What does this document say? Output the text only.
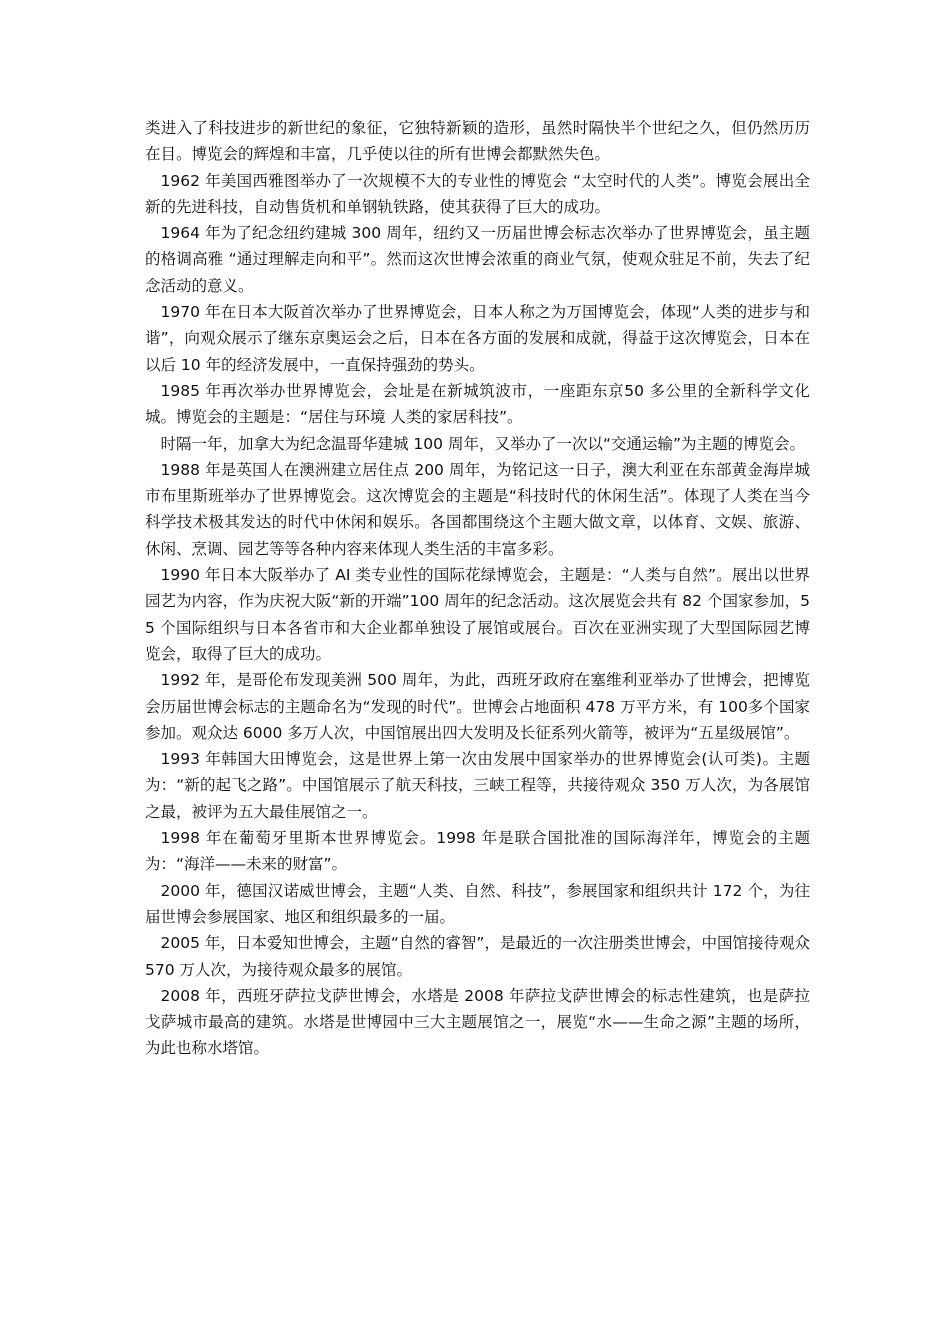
类进入了科技进步的新世纪的象征，它独特新颖的造形，虽然时隔快半个世纪之久，但仍然历历在目。博览会的辉煌和丰富，几乎使以往的所有世博会都默然失色。

1962 年美国西雅图举办了一次规模不大的专业性的博览会 “太空时代的人类”。博览会展出全新的先进科技，自动售货机和单钢轨铁路，使其获得了巨大的成功。

1964 年为了纪念纽约建城 300 周年，纽约又一历届世博会标志次举办了世界博览会，虽主题的格调高雅 “通过理解走向和平”。然而这次世博会浓重的商业气氛，使观众驻足不前，失去了纪念活动的意义。

1970 年在日本大阪首次举办了世界博览会，日本人称之为万国博览会，体现“人类的进步与和谐”，向观众展示了继东京奥运会之后，日本在各方面的发展和成就，得益于这次博览会，日本在以后 10 年的经济发展中，一直保持强劲的势头。

1985 年再次举办世界博览会，会址是在新城筑波市，一座距东京50 多公里的全新科学文化城。博览会的主题是：“居住与环境 人类的家居科技”。

时隔一年，加拿大为纪念温哥华建城 100 周年，又举办了一次以“交通运输”为主题的博览会。

1988 年是英国人在澳洲建立居住点 200 周年，为铭记这一日子，澳大利亚在东部黄金海岸城市布里斯班举办了世界博览会。这次博览会的主题是“科技时代的休闲生活”。体现了人类在当今科学技术极其发达的时代中休闲和娱乐。各国都围绕这个主题大做文章，以体育、文娱、旅游、休闲、烹调、园艺等等各种内容来体现人类生活的丰富多彩。

1990 年日本大阪举办了 AI 类专业性的国际花绿博览会，主题是：“人类与自然”。展出以世界园艺为内容，作为庆祝大阪“新的开端”100 周年的纪念活动。这次展览会共有 82 个国家参加，55 个国际组织与日本各省市和大企业都单独设了展馆或展台。百次在亚洲实现了大型国际园艺博览会，取得了巨大的成功。

1992 年，是哥伦布发现美洲 500 周年，为此，西班牙政府在塞维利亚举办了世博会，把博览会历届世博会标志的主题命名为“发现的时代”。世博会占地面积 478 万平方米，有 100多个国家参加。观众达 6000 多万人次，中国馆展出四大发明及长征系列火箭等，被评为“五星级展馆”。

1993 年韩国大田博览会，这是世界上第一次由发展中国家举办的世界博览会(认可类)。主题为：“新的起飞之路”。中国馆展示了航天科技，三峡工程等，共接待观众 350 万人次，为各展馆之最，被评为五大最佳展馆之一。

1998 年在葡萄牙里斯本世界博览会。1998 年是联合国批准的国际海洋年，博览会的主题为：“海洋——未来的财富”。

2000 年，德国汉诺威世博会，主题“人类、自然、科技”，参展国家和组织共计 172 个，为往届世博会参展国家、地区和组织最多的一届。

2005 年，日本爱知世博会，主题“自然的睿智”，是最近的一次注册类世博会，中国馆接待观众 570 万人次，为接待观众最多的展馆。

2008 年，西班牙萨拉戈萨世博会，水塔是 2008 年萨拉戈萨世博会的标志性建筑，也是萨拉戈萨城市最高的建筑。水塔是世博园中三大主题展馆之一，展览“水——生命之源”主题的场所，为此也称水塔馆。
